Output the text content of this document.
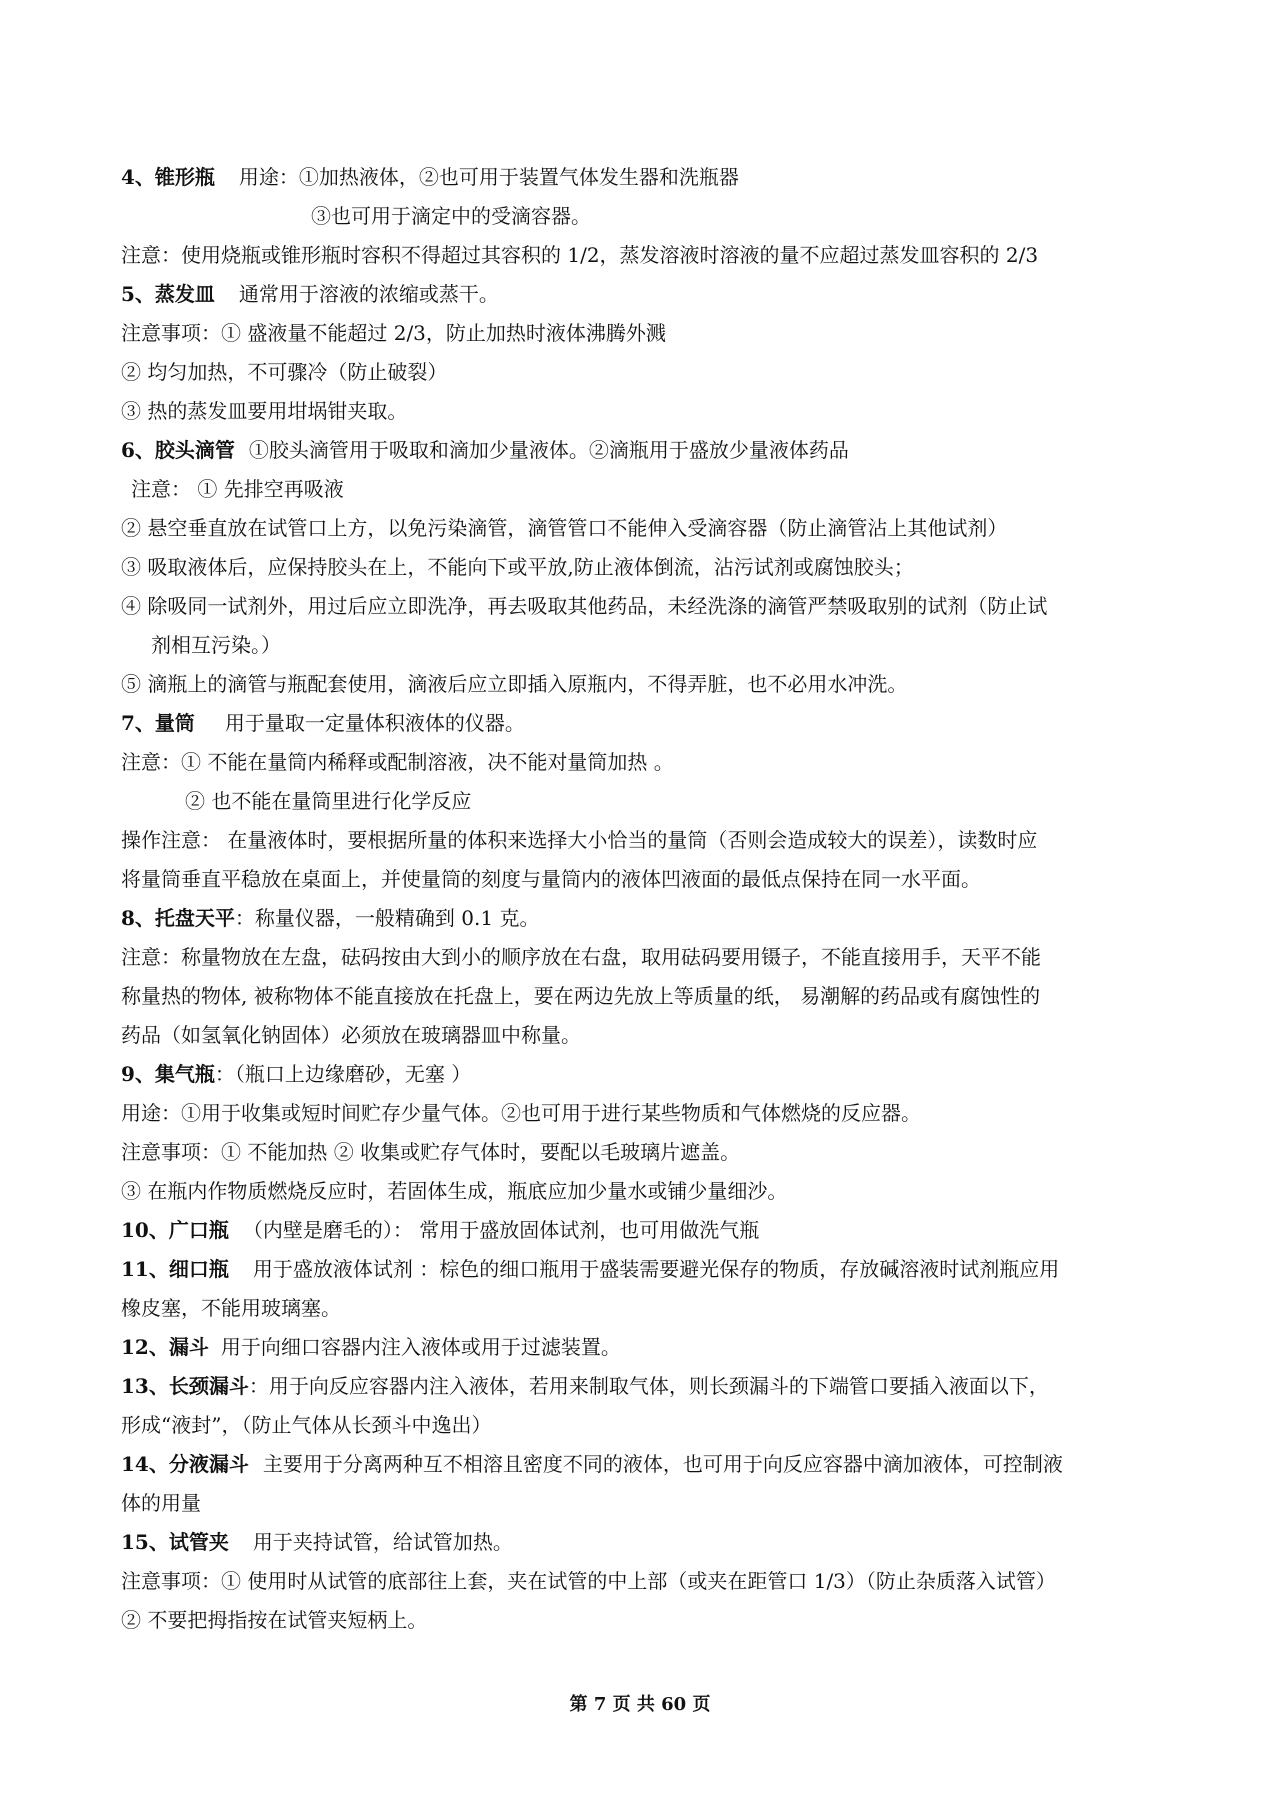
4、锥形瓶 用途：①加热液体，②也可用于装置气体发生器和洗瓶器
③也可用于滴定中的受滴容器。
注意：使用烧瓶或锥形瓶时容积不得超过其容积的 1/2，蒸发溶液时溶液的量不应超过蒸发皿容积的 2/3
5、蒸发皿 通常用于溶液的浓缩或蒸干。
注意事项：① 盛液量不能超过 2/3，防止加热时液体沸腾外溅
② 均匀加热，不可骤冷（防止破裂）
③ 热的蒸发皿要用坩埚钳夹取。
6、胶头滴管 ①胶头滴管用于吸取和滴加少量液体。②滴瓶用于盛放少量液体药品
注意： ① 先排空再吸液
② 悬空垂直放在试管口上方，以免污染滴管，滴管管口不能伸入受滴容器（防止滴管沾上其他试剂）
③ 吸取液体后，应保持胶头在上，不能向下或平放,防止液体倒流，沾污试剂或腐蚀胶头；
④ 除吸同一试剂外，用过后应立即洗净，再去吸取其他药品，未经洗涤的滴管严禁吸取别的试剂（防止试
剂相互污染。）
⑤ 滴瓶上的滴管与瓶配套使用，滴液后应立即插入原瓶内，不得弄脏，也不必用水冲洗。
7、量筒 用于量取一定量体积液体的仪器。
注意：① 不能在量筒内稀释或配制溶液，决不能对量筒加热 。
② 也不能在量筒里进行化学反应
操作注意： 在量液体时，要根据所量的体积来选择大小恰当的量筒（否则会造成较大的误差），读数时应
将量筒垂直平稳放在桌面上，并使量筒的刻度与量筒内的液体凹液面的最低点保持在同一水平面。
8、托盘天平：称量仪器，一般精确到 0.1 克。
注意：称量物放在左盘，砝码按由大到小的顺序放在右盘，取用砝码要用镊子，不能直接用手，天平不能
称量热的物体, 被称物体不能直接放在托盘上，要在两边先放上等质量的纸， 易潮解的药品或有腐蚀性的
药品（如氢氧化钠固体）必须放在玻璃器皿中称量。
9、集气瓶：（瓶口上边缘磨砂，无塞 ）
用途：①用于收集或短时间贮存少量气体。②也可用于进行某些物质和气体燃烧的反应器。
注意事项：① 不能加热 ② 收集或贮存气体时，要配以毛玻璃片遮盖。
③ 在瓶内作物质燃烧反应时，若固体生成，瓶底应加少量水或铺少量细沙。
10、广口瓶 （内壁是磨毛的）： 常用于盛放固体试剂，也可用做洗气瓶
11、细口瓶 用于盛放液体试剂 ：棕色的细口瓶用于盛装需要避光保存的物质，存放碱溶液时试剂瓶应用
橡皮塞，不能用玻璃塞。
12、漏斗 用于向细口容器内注入液体或用于过滤装置。
13、长颈漏斗：用于向反应容器内注入液体，若用来制取气体，则长颈漏斗的下端管口要插入液面以下，
形成“液封”，（防止气体从长颈斗中逸出）
14、分液漏斗 主要用于分离两种互不相溶且密度不同的液体，也可用于向反应容器中滴加液体，可控制液
体的用量
15、试管夹 用于夹持试管，给试管加热。
注意事项：① 使用时从试管的底部往上套，夹在试管的中上部（或夹在距管口 1/3）（防止杂质落入试管）
② 不要把拇指按在试管夹短柄上。
第 7 页 共 60 页
